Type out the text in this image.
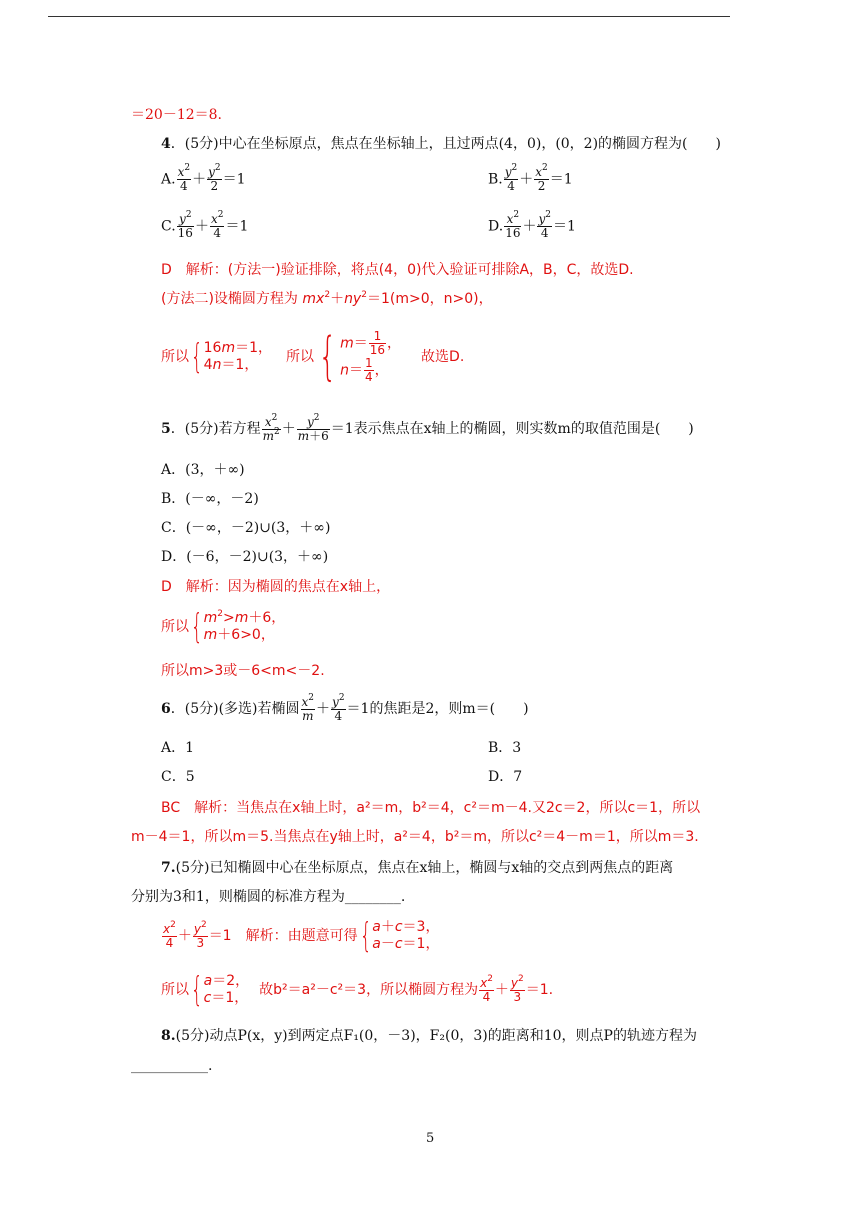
＝20－12＝8.
4．(5分)中心在坐标原点，焦点在坐标轴上，且过两点(4，0)，(0，2)的椭圆方程为(　　)
A. $\frac{x^2}{4} + \frac{y^2}{2} =1$	B. $\frac{y^2}{4} + \frac{x^2}{2} =1$
C. $\frac{y^2}{16} + \frac{x^2}{4} =1$	D. $\frac{x^2}{16} + \frac{y^2}{4} =1$
D　解析：(方法一)验证排除，将点(4，0)代入验证可排除A，B，C，故选D.
(方法二)设椭圆方程为 $mx^2+ny^2=1(m>0$，n>0)，
所以 { 16m＝1，
4n＝1，	所以 { $m= \frac{1}{16}$ ，
$n= \frac{1}{4}$ ，
故选D.
5 ． (5分)若方程 $\frac{x^2}{m^2} + \frac{y^2}{m+6} =1$表示焦点在x轴上的椭圆，则实数m的取值范围是(　　)
A．(3，＋∞)
B．(－∞，－2)
C．(－∞，－2)∪(3，＋∞)
D．(－6，－2)∪(3，＋∞)
D　解析：因为椭圆的焦点在x轴上，
所以 { $m^2>m+6$，
m＋6>0，
所以m>3或－6<m<－2.
6 ． (5分)(多选)若椭圆 $\frac{x^2}{m} + \frac{y^2}{4} =1$的焦距是2，则m＝(　　)
A．1	B．3
C．5	D．7
BC　解析：当焦点在x轴上时，a²＝m，b²＝4，c²＝m－4.又2c＝2，所以c＝1，所以
m－4＝1，所以m＝5.当焦点在y轴上时，a²＝4，b²＝m，所以c²＝4－m＝1，所以m＝3.
7.(5分)已知椭圆中心在坐标原点，焦点在x轴上，椭圆与x轴的交点到两焦点的距离
分别为3和1，则椭圆的标准方程为________.
$\frac{x^2}{4} + \frac{y^2}{3} =1$ 解析：由题意可得 { a＋c＝3，
a－c＝1，
所以 { a＝2，
c＝1， 故b²＝a²－c²＝3，所以椭圆方程为 $\frac{x^2}{4} + \frac{y^2}{3} =1$.
8.(5分)动点P(x，y)到两定点F₁(0，－3)，F₂(0，3)的距离和10，则点P的轨迹方程为
___________.
5
